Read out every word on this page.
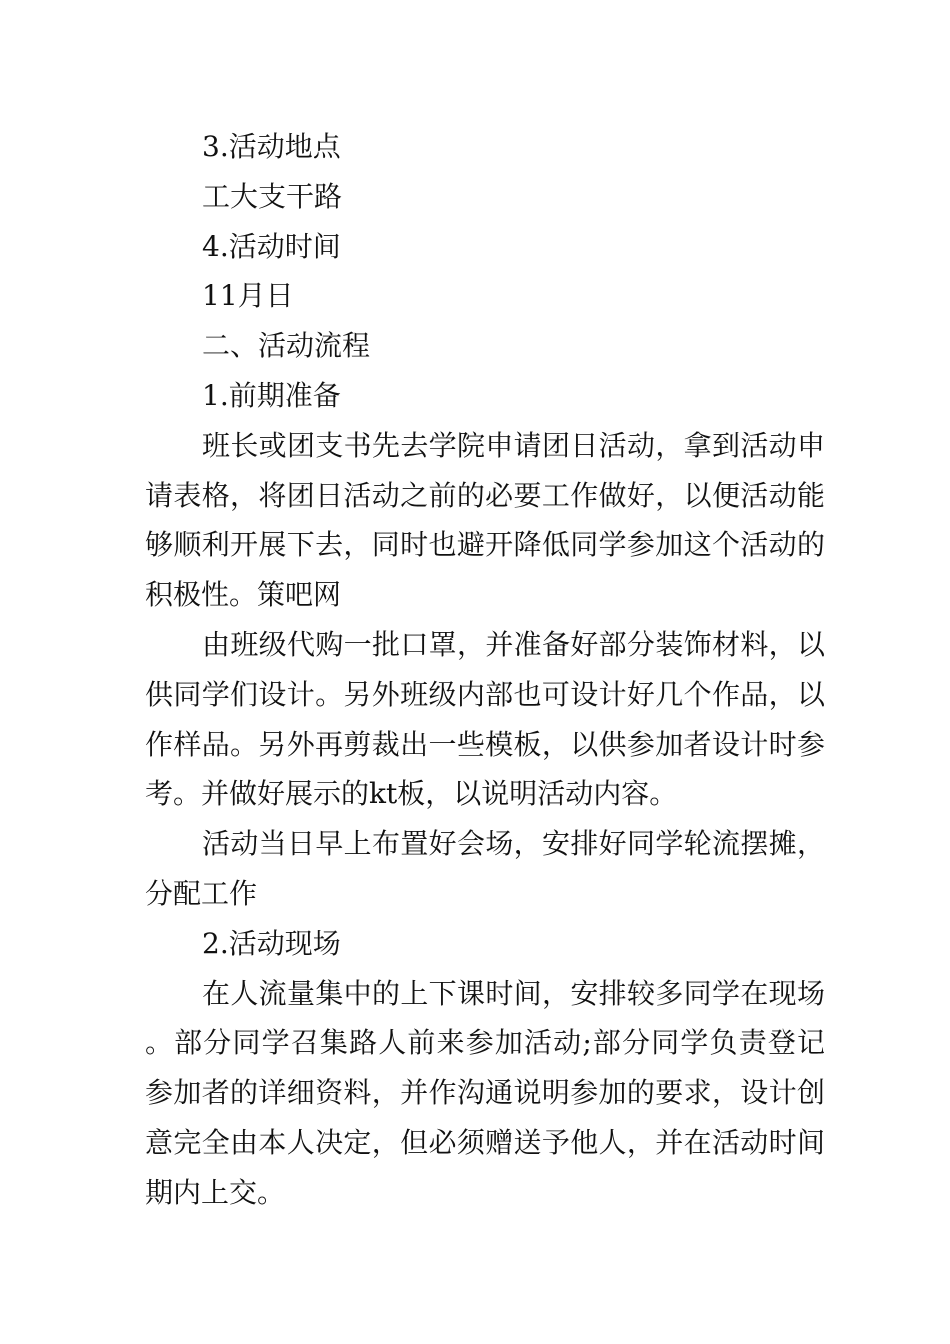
3.活动地点

工大支干路

4.活动时间

11月日

二、活动流程

1.前期准备

班长或团支书先去学院申请团日活动，拿到活动申请表格，将团日活动之前的必要工作做好，以便活动能够顺利开展下去，同时也避开降低同学参加这个活动的积极性。策吧网

由班级代购一批口罩，并准备好部分装饰材料，以供同学们设计。另外班级内部也可设计好几个作品，以作样品。另外再剪裁出一些模板，以供参加者设计时参考。并做好展示的kt板，以说明活动内容。

活动当日早上布置好会场，安排好同学轮流摆摊，分配工作

2.活动现场

在人流量集中的上下课时间，安排较多同学在现场。部分同学召集路人前来参加活动;部分同学负责登记参加者的详细资料，并作沟通说明参加的要求，设计创意完全由本人决定，但必须赠送予他人，并在活动时间期内上交。
